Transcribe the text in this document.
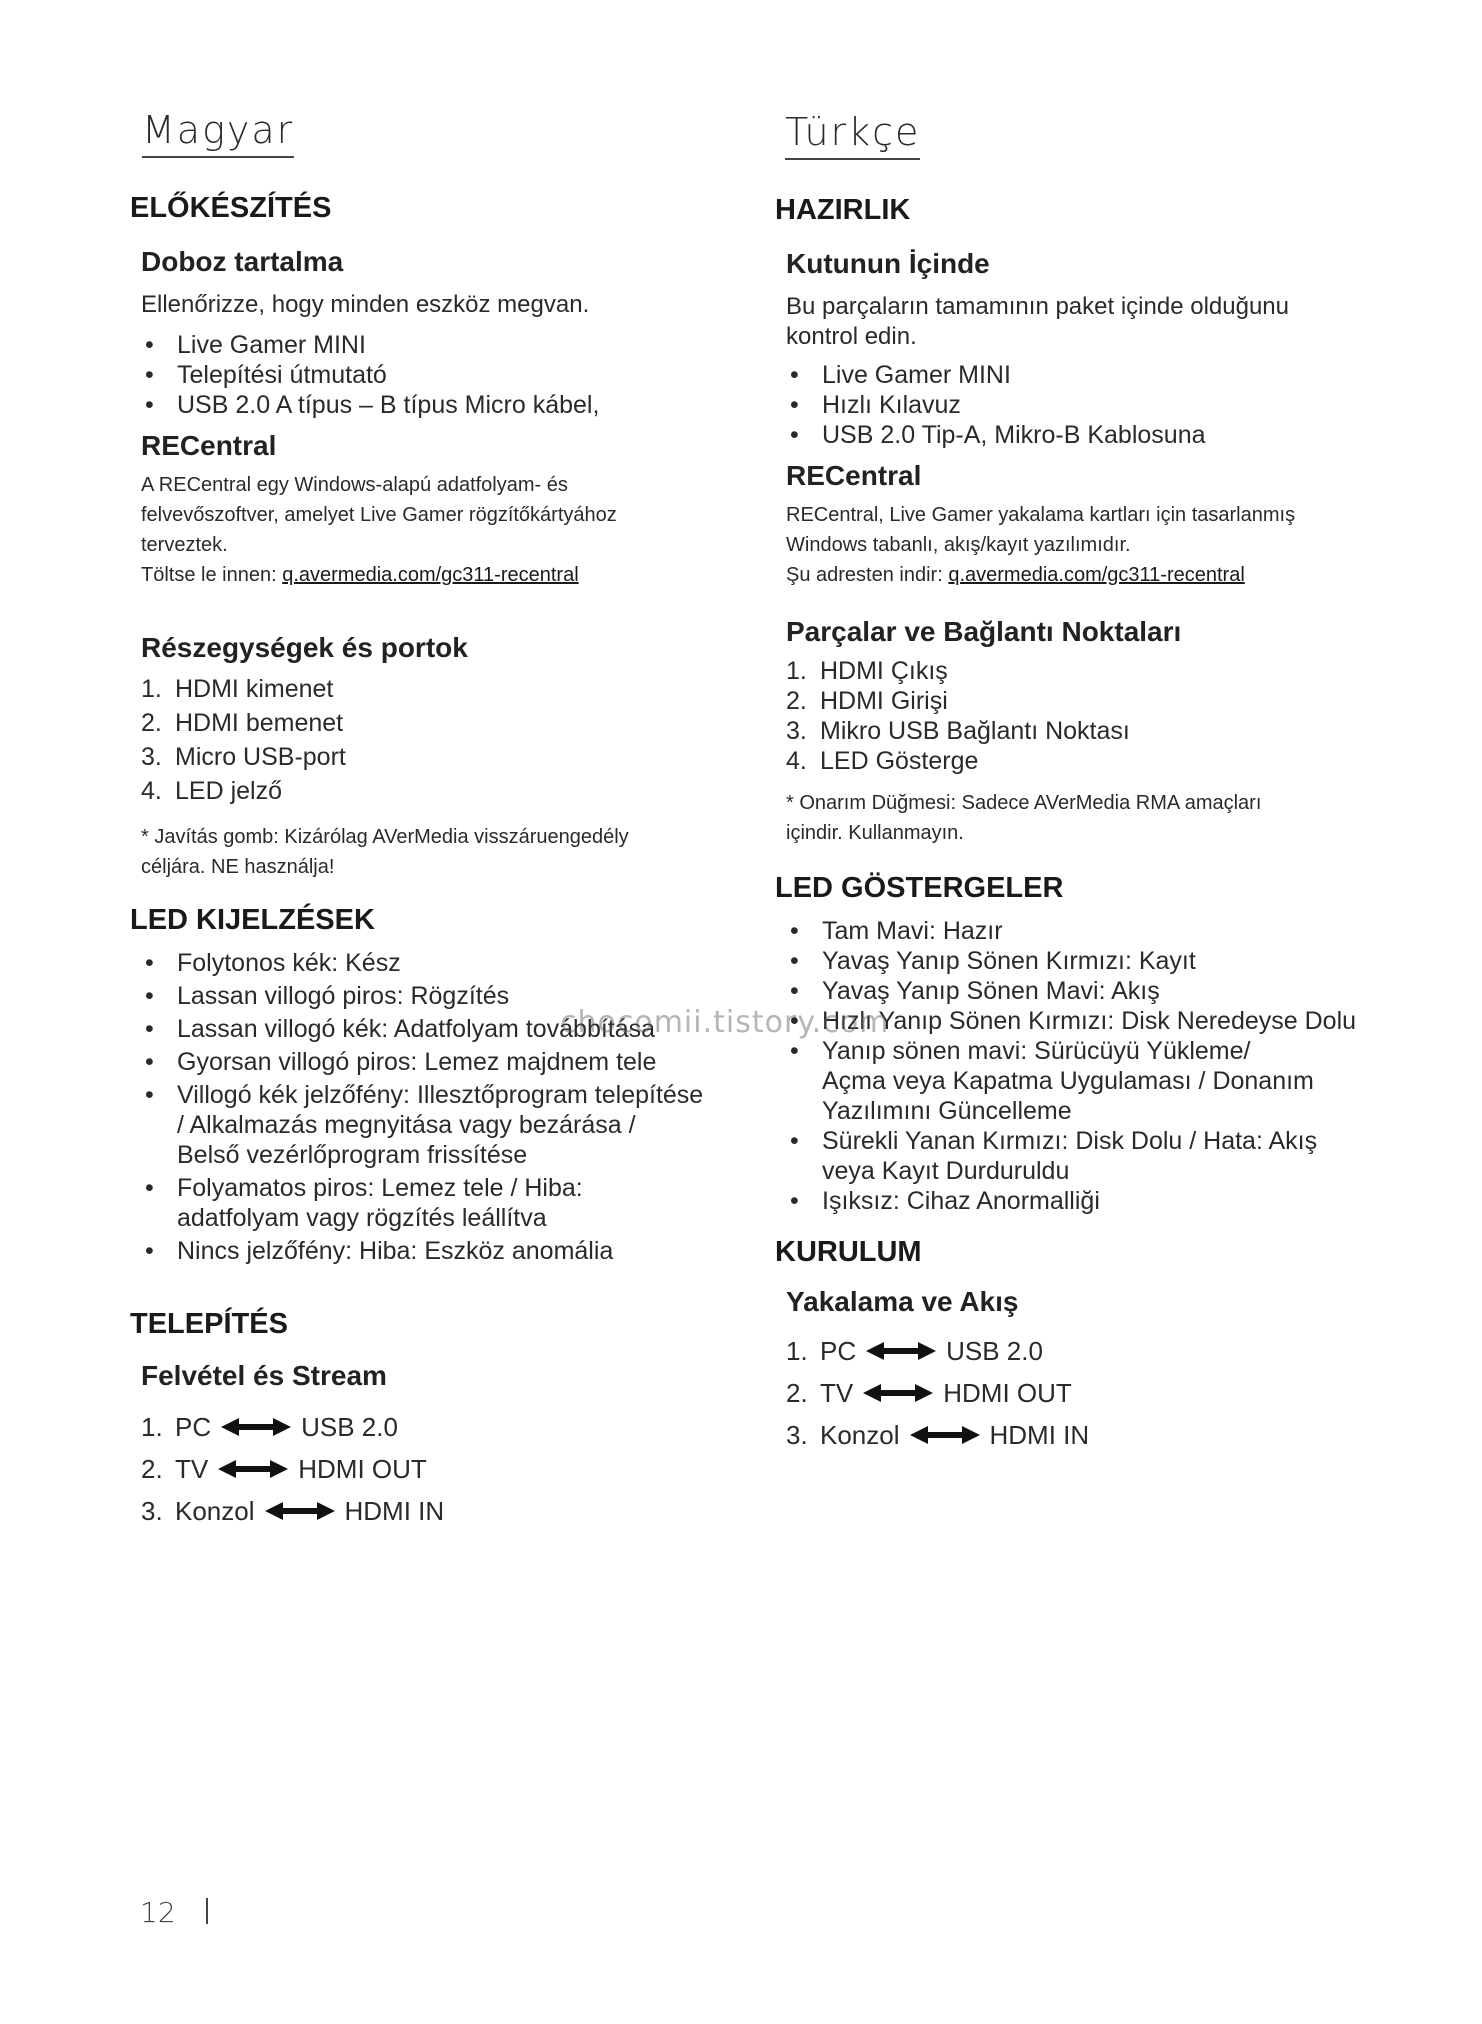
Magyar
ELŐKÉSZÍTÉS
Doboz tartalma

Ellenőrizze, hogy minden eszköz megvan.

• Live Gamer MINI
• Telepítési útmutató
• USB 2.0 A típus – B típus Micro kábel,
RECentral
A RECentral egy Windows-alapú adatfolyam- és
felvevőszoftver, amelyet Live Gamer rögzítőkártyához
terveztek.
Töltse le innen: q.avermedia.com/gc311-recentral
Részegységek és portok
1. HDMI kimenet
2. HDMI bemenet
3. Micro USB-port
4. LED jelző
* Javítás gomb: Kizárólag AVerMedia visszáruengedély
céljára. NE használja!
LED KIJELZÉSEK
• Folytonos kék: Kész
• Lassan villogó piros: Rögzítés
• Lassan villogó kék: Adatfolyam továbbítása
• Gyorsan villogó piros: Lemez majdnem tele
• Villogó kék jelzőfény: Illesztőprogram telepítése
/ Alkalmazás megnyitása vagy bezárása /
Belső vezérlőprogram frissítése
• Folyamatos piros: Lemez tele / Hiba:
adatfolyam vagy rögzítés leállítva
• Nincs jelzőfény: Hiba: Eszköz anomália
TELEPÍTÉS
Felvétel és Stream
1. PC	USB 2.0
2. TV	HDMI OUT
3. Konzol	HDMI IN
Türkçe
HAZIRLIK
Kutunun İçinde
Bu parçaların tamamının paket içinde olduğunu
kontrol edin.
• Live Gamer MINI
• Hızlı Kılavuz
• USB 2.0 Tip-A, Mikro-B Kablosuna
RECentral
RECentral, Live Gamer yakalama kartları için tasarlanmış
Windows tabanlı, akış/kayıt yazılımıdır.
Şu adresten indir: q.avermedia.com/gc311-recentral
Parçalar ve Bağlantı Noktaları
1. HDMI Çıkış
2. HDMI Girişi
3. Mikro USB Bağlantı Noktası
4. LED Gösterge
* Onarım Düğmesi: Sadece AVerMedia RMA amaçları
içindir. Kullanmayın.
LED GÖSTERGELER
• Tam Mavi: Hazır
• Yavaş Yanıp Sönen Kırmızı: Kayıt
• Yavaş Yanıp Sönen Mavi: Akış
• Hızlı Yanıp Sönen Kırmızı: Disk Neredeyse Dolu
• Yanıp sönen mavi: Sürücüyü Yükleme/
Açma veya Kapatma Uygulaması / Donanım
Yazılımını Güncelleme
• Sürekli Yanan Kırmızı: Disk Dolu / Hata: Akış
veya Kayıt Durduruldu
• Işıksız: Cihaz Anormalliği
KURULUM
Yakalama ve Akış
1. PC	USB 2.0
2. TV	HDMI OUT
3. Konzol	HDMI IN
chocomii.tistory.com
12
